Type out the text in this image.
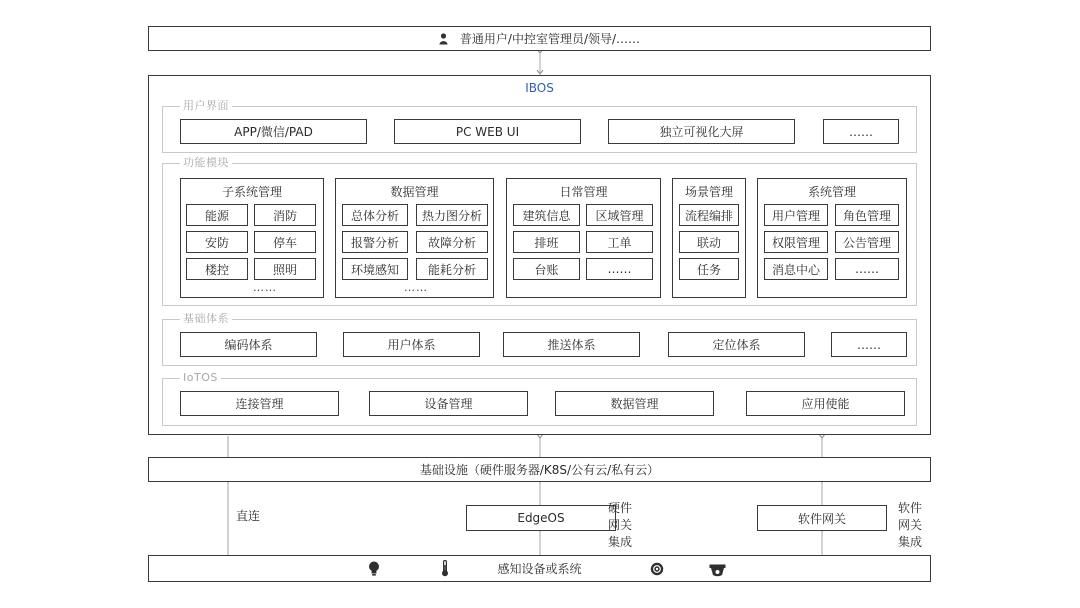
普通用户/中控室管理员/领导/……
IBOS
用户界面
APP/微信/PAD	PC WEB UI	独立可视化大屏	……
功能模块
子系统管理
能源	消防
安防	停车
楼控	照明
……
数据管理
总体分析	热力图分析
报警分析	故障分析
环境感知	能耗分析
……
日常管理
建筑信息	区域管理
排班	工单
台账	……
场景管理
流程编排
联动
任务
系统管理
用户管理	角色管理
权限管理	公告管理
消息中心	……
基础体系
编码体系	用户体系	推送体系	定位体系	……
IoTOS
连接管理	设备管理	数据管理	应用使能
基础设施（硬件服务器/K8S/公有云/私有云）
直连	EdgeOS
硬件
网关
集成
软件网关
软件
网关
集成
感知设备或系统
